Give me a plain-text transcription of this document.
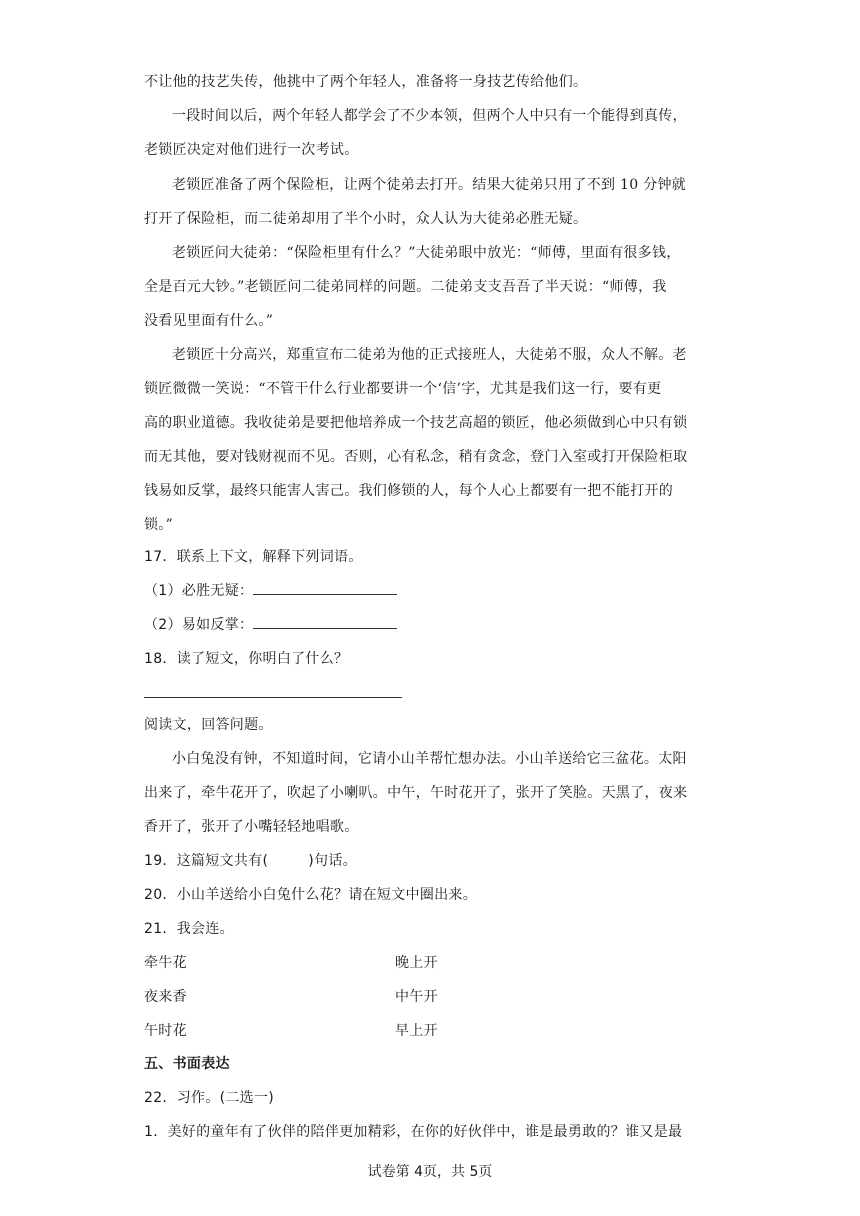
不让他的技艺失传，他挑中了两个年轻人，准备将一身技艺传给他们。
一段时间以后，两个年轻人都学会了不少本领，但两个人中只有一个能得到真传，
老锁匠决定对他们进行一次考试。
老锁匠准备了两个保险柜，让两个徒弟去打开。结果大徒弟只用了不到 10 分钟就
打开了保险柜，而二徒弟却用了半个小时，众人认为大徒弟必胜无疑。
老锁匠问大徒弟：“保险柜里有什么？”大徒弟眼中放光：“师傅，里面有很多钱，
全是百元大钞。”老锁匠问二徒弟同样的问题。二徒弟支支吾吾了半天说：“师傅，我
没看见里面有什么。”
老锁匠十分高兴，郑重宣布二徒弟为他的正式接班人，大徒弟不服，众人不解。老
锁匠微微一笑说：“不管干什么行业都要讲一个‘信’字，尤其是我们这一行，要有更
高的职业道德。我收徒弟是要把他培养成一个技艺高超的锁匠，他必须做到心中只有锁
而无其他，要对钱财视而不见。否则，心有私念，稍有贪念，登门入室或打开保险柜取
钱易如反掌，最终只能害人害己。我们修锁的人，每个人心上都要有一把不能打开的
锁。”
17．联系上下文，解释下列词语。
（1）必胜无疑：
（2）易如反掌：
18．读了短文，你明白了什么？
阅读文，回答问题。
小白兔没有钟，不知道时间，它请小山羊帮忙想办法。小山羊送给它三盆花。太阳
出来了，牵牛花开了，吹起了小喇叭。中午，午时花开了，张开了笑脸。天黑了，夜来
香开了，张开了小嘴轻轻地唱歌。
19．这篇短文共有(	)句话。
20．小山羊送给小白兔什么花？请在短文中圈出来。
21．我会连。
牵牛花	晚上开
夜来香	中午开
午时花	早上开
五、书面表达
22．习作。(二选一)
1．美好的童年有了伙伴的陪伴更加精彩，在你的好伙伴中，谁是最勇敢的？谁又是最
试卷第 4页，共 5页
